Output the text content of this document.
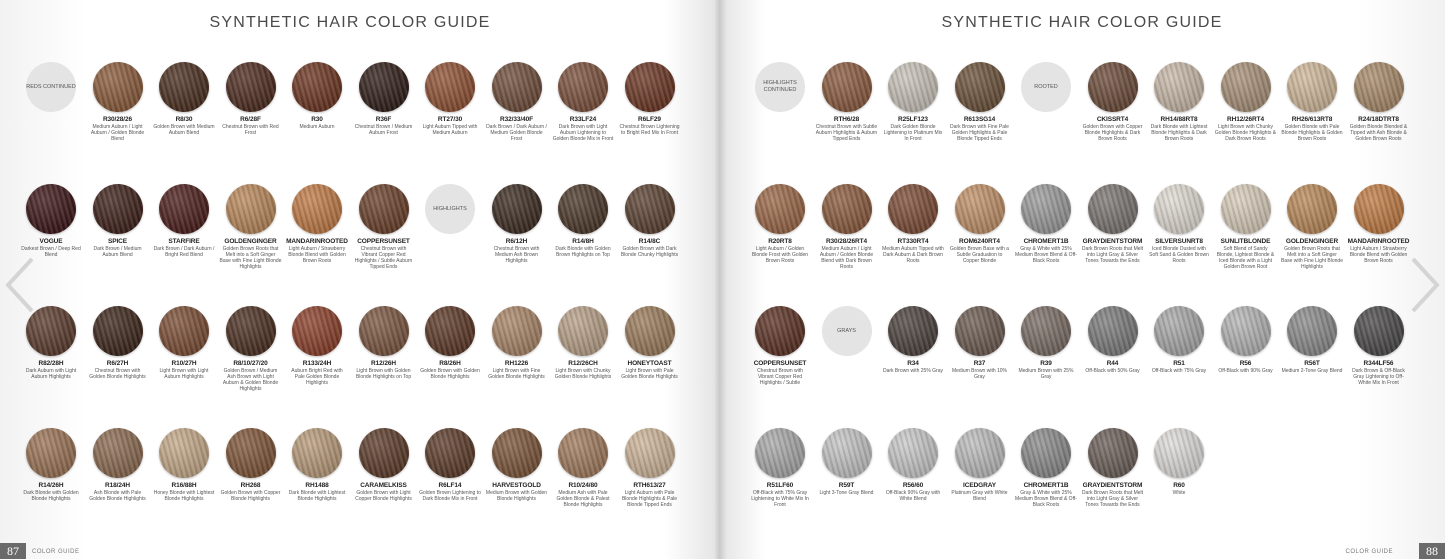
SYNTHETIC HAIR COLOR GUIDE
REDS CONTINUED
R30/28/26
Medium Auburn / Light Auburn / Golden Blonde Blend
R8/30
Golden Brown with Medium Auburn Blend
R6/28F
Chestnut Brown with Red Frost
R30
Medium Auburn
R36F
Chestnut Brown / Medium Auburn Frost
RT27/30
Light Auburn Tipped with Medium Auburn
R32/33/40F
Dark Brown / Dark Auburn / Medium Golden Blonde Frost
R33LF24
Dark Brown with Light Auburn Lightening to Golden Blonde Mix in Front
R6LF29
Chestnut Brown Lightening to Bright Red Mix In Front
VOGUE
Darkest Brown / Deep Red Blend
SPICE
Dark Brown / Medium Auburn Blend
STARFIRE
Dark Brown / Dark Auburn / Bright Red Blend
GOLDENGINGER
Golden Brown Roots that Melt into a Soft Ginger Base with Fine Light Blonde Highlights
MANDARINROOTED
Light Auburn / Strawberry Blonde Blend with Golden Brown Roots
COPPERSUNSET
Chestnut Brown with Vibrant Copper Red Highlights / Subtle Auburn Tipped Ends
HIGHLIGHTS
R6/12H
Chestnut Brown with Medium Ash Brown Highlights
R14/8H
Dark Blonde with Golden Brown Highlights on Top
R14/8C
Golden Brown with Dark Blonde Chunky Highlights
R82/28H
Dark Auburn with Light Auburn Highlights
R6/27H
Chestnut Brown with Golden Blonde Highlights
R10/27H
Light Brown with Light Auburn Highlights
R8/10/27/20
Golden Brown / Medium Ash Brown with Light Auburn & Golden Blonde Highlights
R133/24H
Auburn Bright Red with Pale Golden Blonde Highlights
R12/26H
Light Brown with Golden Blonde Highlights on Top
R8/26H
Golden Brown with Golden Blonde Highlights
RH1226
Light Brown with Fine Golden Blonde Highlights
R12/26CH
Light Brown with Chunky Golden Blonde Highlights
HONEYTOAST
Light Brown with Pale Golden Blonde Highlights
R14/26H
Dark Blonde with Golden Blonde Highlights
R18/24H
Ash Blonde with Pale Golden Blonde Highlights
R16/88H
Honey Blonde with Lightest Blonde Highlights
RH268
Golden Brown with Copper Blonde Highlights
RH1488
Dark Blonde with Lightest Blonde Highlights
CARAMELKISS
Golden Brown with Light Copper Blonde Highlights
R6LF14
Golden Brown Lightening to Dark Blonde Mix in Front
HARVESTGOLD
Medium Brown with Golden Blonde Highlights
R10/24/80
Medium Ash with Pale Golden Blonde & Palest Blonde Highlights
RTH613/27
Light Auburn with Pale Blonde Highlights & Pale Blonde Tipped Ends
87	COLOR GUIDE
SYNTHETIC HAIR COLOR GUIDE
HIGHLIGHTS CONTINUED
RTH6/28
Chestnut Brown with Subtle Auburn Highlights & Auburn Tipped Ends
R25LF123
Dark Golden Blonde Lightening to Platinum Mix In Front
R613SG14
Dark Brown with Fine Pale Golden Highlights & Pale Blonde Tipped Ends
ROOTED
CKISSRT4
Golden Brown with Copper Blonde Highlights & Dark Brown Roots
RH14/88RT8
Dark Blonde with Lightest Blonde Highlights & Dark Brown Roots
RH12/26RT4
Light Brown with Chunky Golden Blonde Highlights & Dark Brown Roots
RH26/613RT8
Golden Blonde with Pale Blonde Highlights & Golden Brown Roots
R24/18DTRT8
Golden Blonde Blended & Tipped with Ash Blonde & Golden Brown Roots
R20RT8
Light Auburn / Golden Blonde Frost with Golden Brown Roots
R30/28/26RT4
Medium Auburn / Light Auburn / Golden Blonde Blend with Dark Brown Roots
RT330RT4
Medium Auburn Tipped with Dark Auburn & Dark Brown Roots
ROM6240RT4
Golden Brown Base with a Subtle Graduation to Copper Blonde
CHROMERT1B
Gray & White with 25% Medium Brown Blend & Off-Black Roots
GRAYDIENTSTORM
Dark Brown Roots that Melt into Light Gray & Silver Tones Towards the Ends
SILVERSUNRT8
Iced Blonde Dusted with Soft Sand & Golden Brown Roots
SUNLITBLONDE
Soft Blend of Sandy Blonde, Lightest Blonde & Iced Blonde with a Light Golden Brown Root
GOLDENGINGER
Golden Brown Roots that Melt into a Soft Ginger Base with Fine Light Blonde Highlights
MANDARINROOTED
Light Auburn / Strawberry Blonde Blend with Golden Brown Roots
COPPERSUNSET
Chestnut Brown with Vibrant Copper Red Highlights / Subtle
GRAYS
R34
Dark Brown with 25% Gray
R37
Medium Brown with 10% Gray
R39
Medium Brown with 25% Gray
R44
Off-Black with 50% Gray
R51
Off-Black with 75% Gray
R56
Off-Black with 90% Gray
R56T
Medium 2-Tone Gray Blend
R344LF56
Dark Brown & Off-Black Gray Lightening to Off-White Mix In Front
R51LF60
Off-Black with 75% Gray Lightening to White Mix In Front
R59T
Light 3-Tone Gray Blend
R56/60
Off-Black 90% Gray with White Blend
ICEDGRAY
Platinum Gray with White Blend
CHROMERT1B
Gray & White with 25% Medium Brown Blend & Off-Black Roots
GRAYDIENTSTORM
Dark Brown Roots that Melt into Light Gray & Silver Tones Towards the Ends
R60
White
COLOR GUIDE	88
